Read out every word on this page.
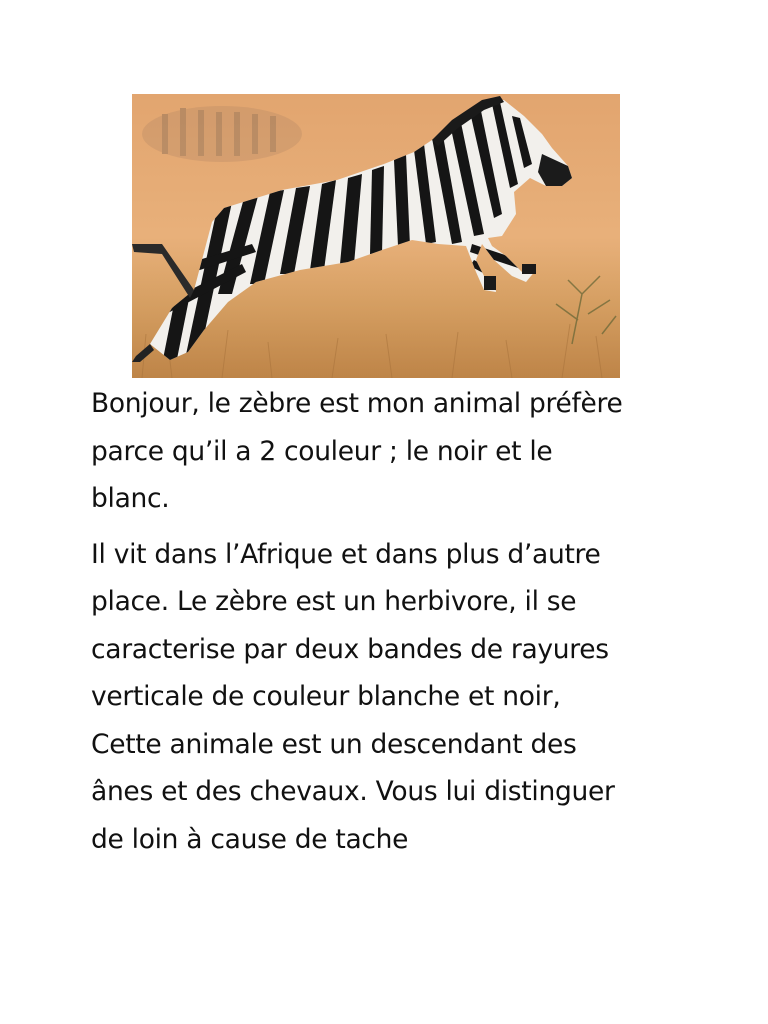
Bonjour, le zèbre est mon animal préfère
parce qu’il a 2 couleur ; le noir et le
blanc.

Il vit dans l’Afrique et dans plus d’autre
place. Le zèbre est un herbivore, il se
caracterise par deux bandes de rayures
verticale de couleur blanche et noir,
Cette animale est un descendant des
ânes et des chevaux. Vous lui distinguer
de loin à cause de tache
